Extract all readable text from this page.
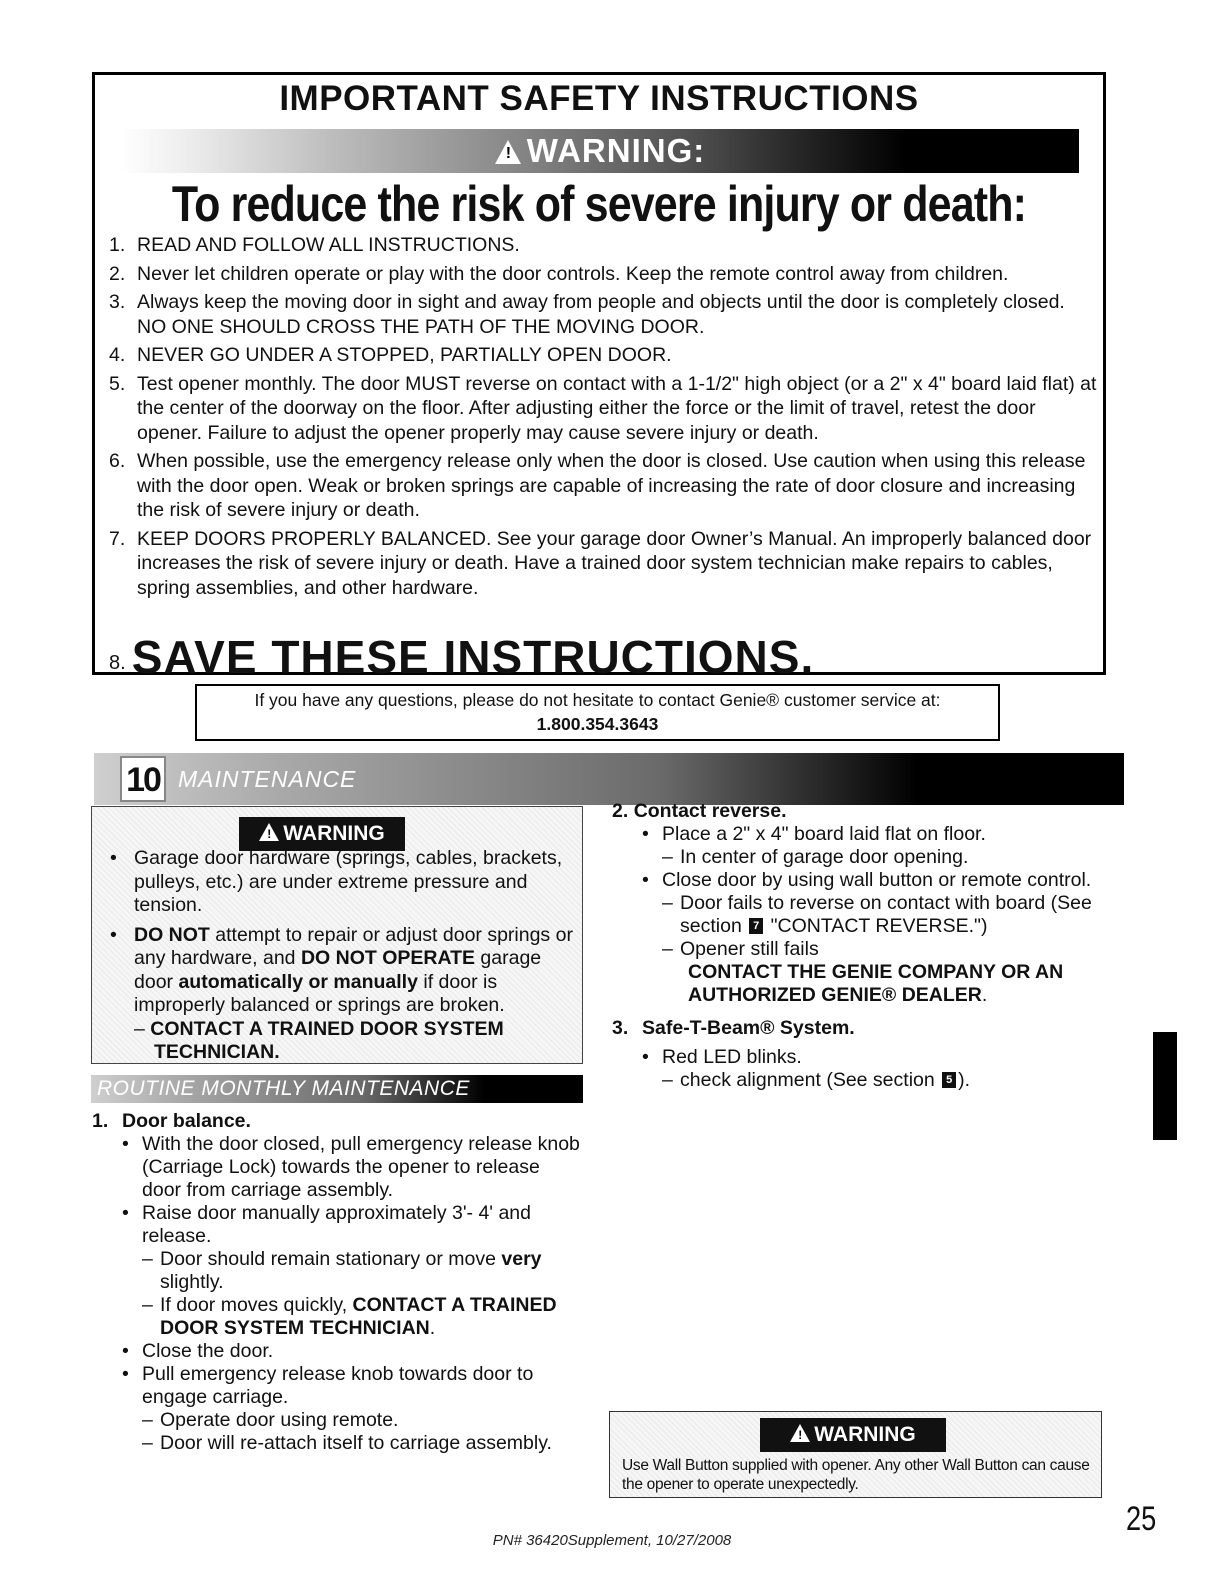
IMPORTANT SAFETY INSTRUCTIONS
! WARNING:
To reduce the risk of severe injury or death:
1. READ AND FOLLOW ALL INSTRUCTIONS.
2. Never let children operate or play with the door controls. Keep the remote control away from children.
3. Always keep the moving door in sight and away from people and objects until the door is completely closed. NO ONE SHOULD CROSS THE PATH OF THE MOVING DOOR.
4. NEVER GO UNDER A STOPPED, PARTIALLY OPEN DOOR.
5. Test opener monthly. The door MUST reverse on contact with a 1-1/2" high object (or a 2" x 4" board laid flat) at the center of the doorway on the floor. After adjusting either the force or the limit of travel, retest the door opener. Failure to adjust the opener properly may cause severe injury or death.
6. When possible, use the emergency release only when the door is closed. Use caution when using this release with the door open. Weak or broken springs are capable of increasing the rate of door closure and increasing the risk of severe injury or death.
7. KEEP DOORS PROPERLY BALANCED. See your garage door Owner’s Manual. An improperly balanced door increases the risk of severe injury or death. Have a trained door system technician make repairs to cables, spring assemblies, and other hardware.
8. SAVE THESE INSTRUCTIONS.
If you have any questions, please do not hesitate to contact Genie® customer service at:
1.800.354.3643
10 MAINTENANCE
! WARNING
• Garage door hardware (springs, cables, brackets, pulleys, etc.) are under extreme pressure and tension.
• DO NOT attempt to repair or adjust door springs or any hardware, and DO NOT OPERATE garage door automatically or manually if door is improperly balanced or springs are broken.
– CONTACT A TRAINED DOOR SYSTEM TECHNICIAN.
ROUTINE MONTHLY MAINTENANCE
1. Door balance.
• With the door closed, pull emergency release knob (Carriage Lock) towards the opener to release door from carriage assembly.
• Raise door manually approximately 3'- 4' and release.
– Door should remain stationary or move very slightly.
– If door moves quickly, CONTACT A TRAINED DOOR SYSTEM TECHNICIAN.
• Close the door.
• Pull emergency release knob towards door to engage carriage.
– Operate door using remote.
– Door will re-attach itself to carriage assembly.
2. Contact reverse.
• Place a 2" x 4" board laid flat on floor.
– In center of garage door opening.
• Close door by using wall button or remote control.
– Door fails to reverse on contact with board (See section 7 "CONTACT REVERSE.")
– Opener still fails
CONTACT THE GENIE COMPANY OR AN AUTHORIZED GENIE® DEALER.
3. Safe-T-Beam® System.
• Red LED blinks.
– check alignment (See section 5 ).
! WARNING
Use Wall Button supplied with opener. Any other Wall Button can cause the opener to operate unexpectedly.
PN# 36420Supplement, 10/27/2008
25
